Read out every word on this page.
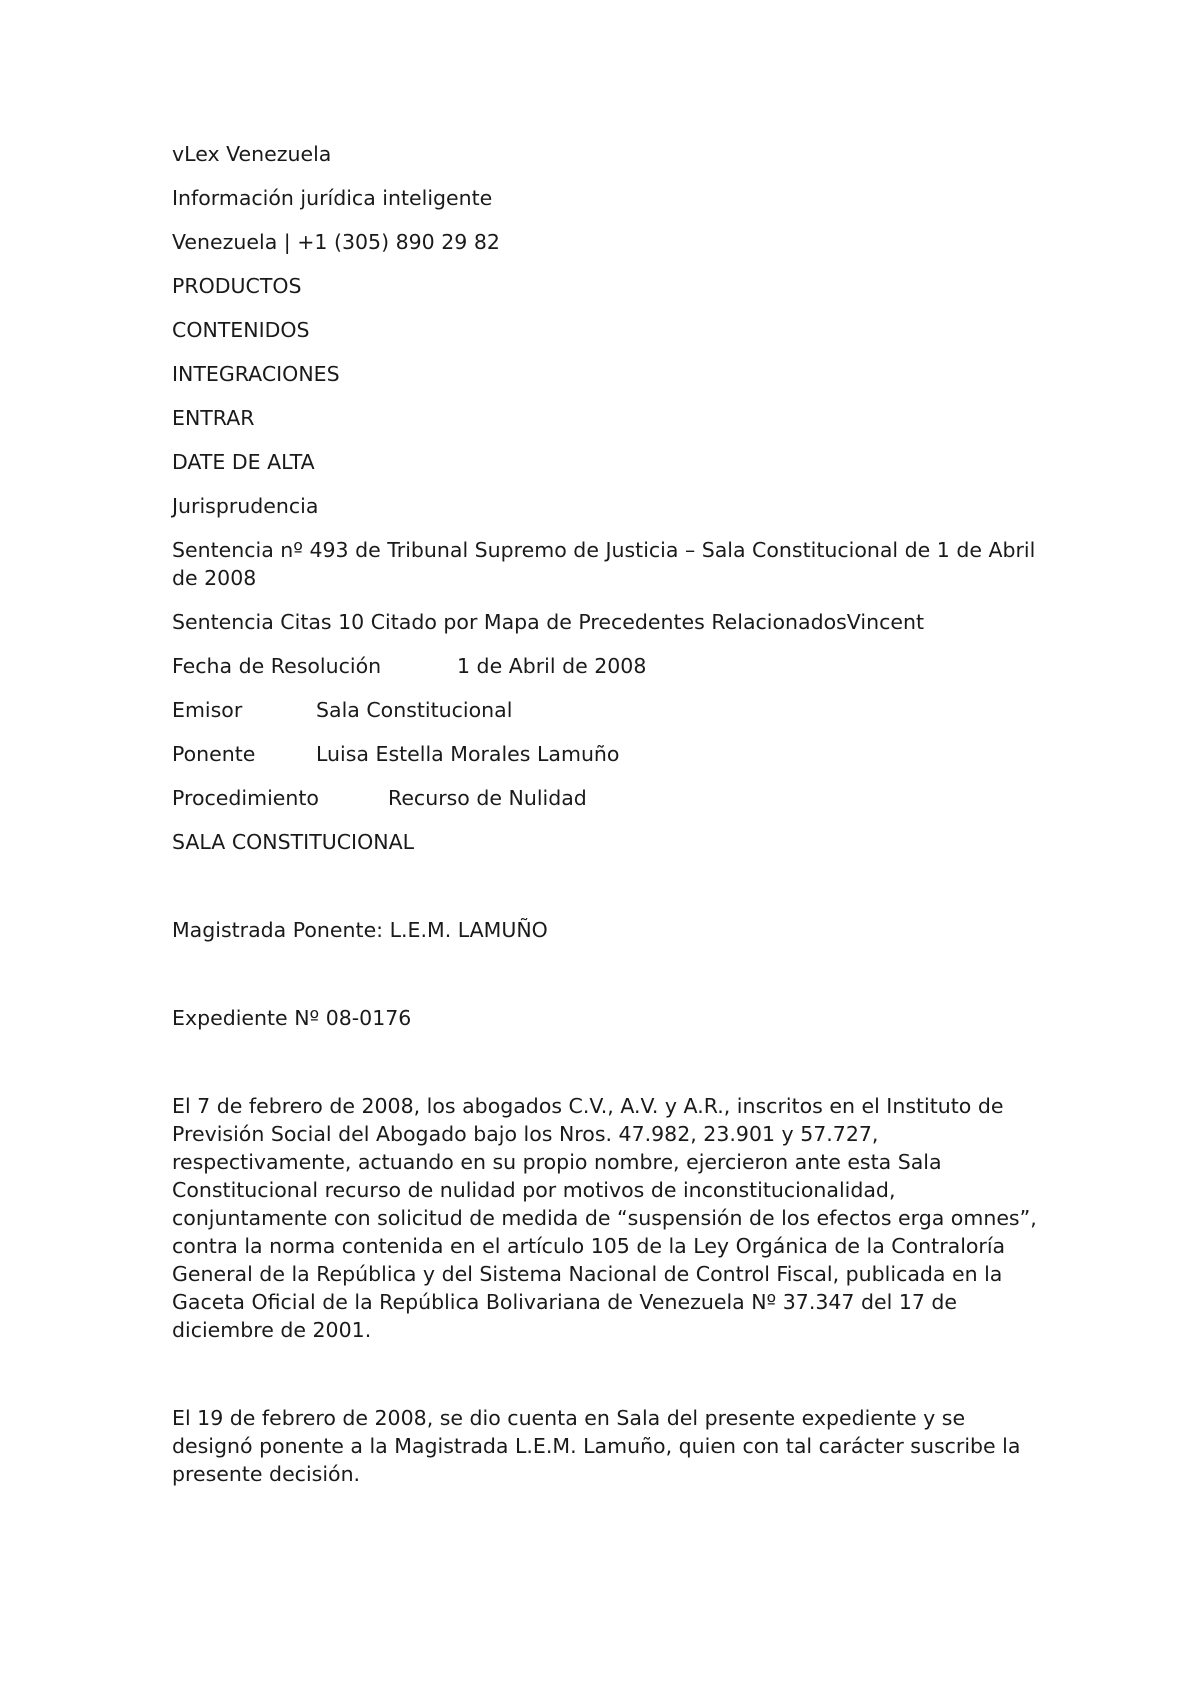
vLex Venezuela
Información jurídica inteligente
Venezuela | +1 (305) 890 29 82
PRODUCTOS
CONTENIDOS
INTEGRACIONES
ENTRAR
DATE DE ALTA
Jurisprudencia
Sentencia nº 493 de Tribunal Supremo de Justicia – Sala Constitucional de 1 de Abril de 2008
Sentencia Citas 10 Citado por Mapa de Precedentes RelacionadosVincent
Fecha de Resolución	1 de Abril de 2008
Emisor	Sala Constitucional
Ponente	Luisa Estella Morales Lamuño
Procedimiento	Recurso de Nulidad
SALA CONSTITUCIONAL
Magistrada Ponente: L.E.M. LAMUÑO
Expediente Nº 08-0176

El 7 de febrero de 2008, los abogados C.V., A.V. y A.R., inscritos en el Instituto de Previsión Social del Abogado bajo los Nros. 47.982, 23.901 y 57.727, respectivamente, actuando en su propio nombre, ejercieron ante esta Sala Constitucional recurso de nulidad por motivos de inconstitucionalidad, conjuntamente con solicitud de medida de “suspensión de los efectos erga omnes”, contra la norma contenida en el artículo 105 de la Ley Orgánica de la Contraloría General de la República y del Sistema Nacional de Control Fiscal, publicada en la Gaceta Oficial de la República Bolivariana de Venezuela Nº 37.347 del 17 de diciembre de 2001.

El 19 de febrero de 2008, se dio cuenta en Sala del presente expediente y se designó ponente a la Magistrada L.E.M. Lamuño, quien con tal carácter suscribe la presente decisión.
